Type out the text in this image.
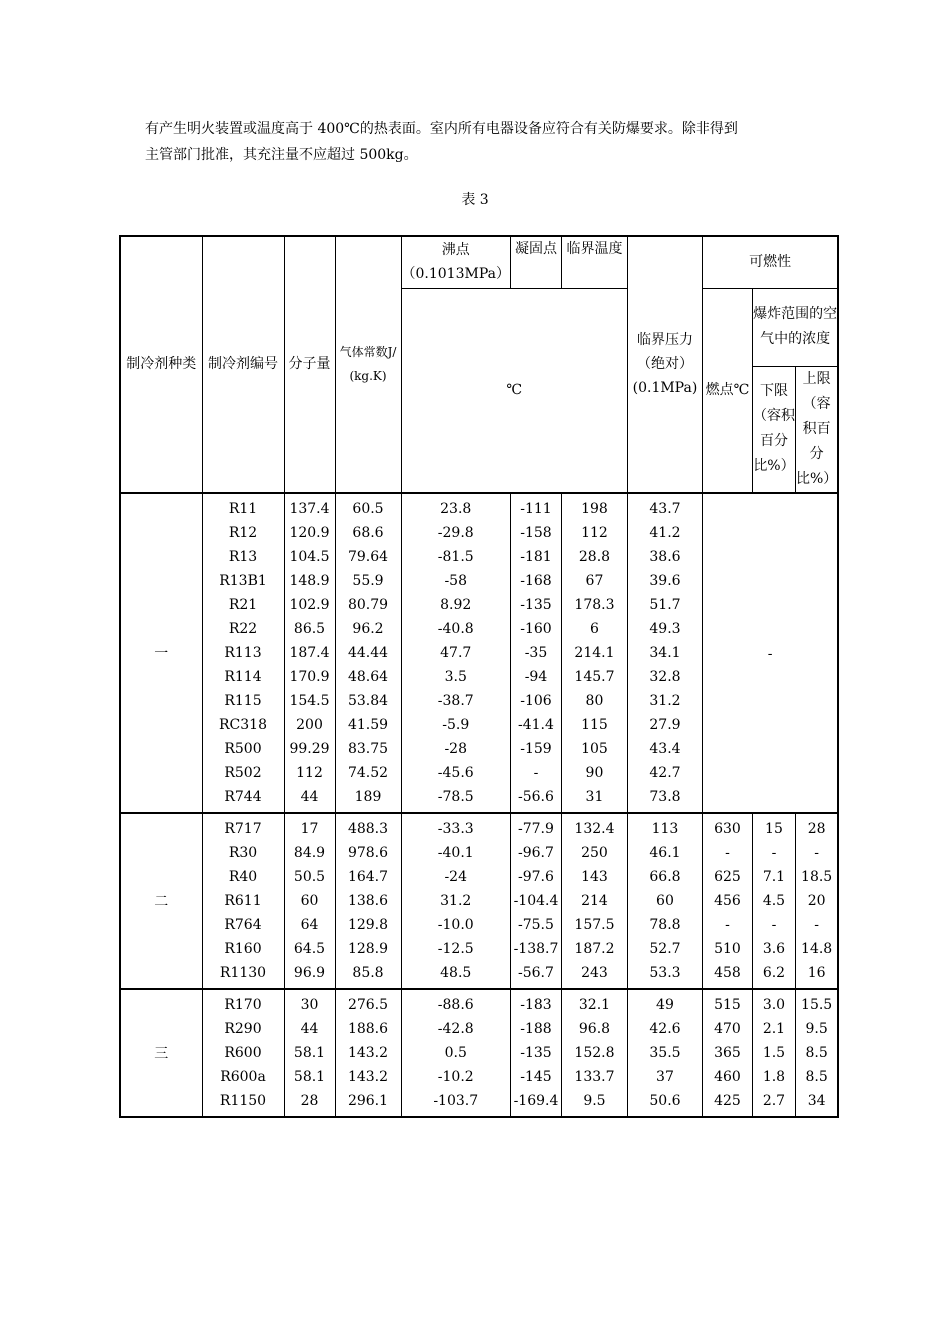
有产生明火装置或温度高于 400℃的热表面。室内所有电器设备应符合有关防爆要求。除非得到
主管部门批准，其充注量不应超过 500kg。

表 3

制冷剂种类	制冷剂编号	分子量	气体常数J/(kg.K)	沸点
（0.1013MPa）	凝固点	临界温度	临界压力（绝对）(0.1MPa)	可燃性		
				℃				燃点℃	爆炸范围的空气中的浓度	
									下限（容积百分比%）	上限（容积百分比%）
一	R11	137.4	60.5	23.8	-111	198	43.7	-		
	R12	120.9	68.6	-29.8	-158	112	41.2			
	R13	104.5	79.64	-81.5	-181	28.8	38.6			
	R13B1	148.9	55.9	-58	-168	67	39.6			
	R21	102.9	80.79	8.92	-135	178.3	51.7			
	R22	86.5	96.2	-40.8	-160	6	49.3			
	R113	187.4	44.44	47.7	-35	214.1	34.1			
	R114	170.9	48.64	3.5	-94	145.7	32.8			
	R115	154.5	53.84	-38.7	-106	80	31.2			
	RC318	200	41.59	-5.9	-41.4	115	27.9			
	R500	99.29	83.75	-28	-159	105	43.4			
	R502	112	74.52	-45.6	-	90	42.7			
	R744	44	189	-78.5	-56.6	31	73.8			
二	R717	17	488.3	-33.3	-77.9	132.4	113	630	15	28
	R30	84.9	978.6	-40.1	-96.7	250	46.1	-	-	-
	R40	50.5	164.7	-24	-97.6	143	66.8	625	7.1	18.5
	R611	60	138.6	31.2	-104.4	214	60	456	4.5	20
	R764	64	129.8	-10.0	-75.5	157.5	78.8	-	-	-
	R160	64.5	128.9	-12.5	-138.7	187.2	52.7	510	3.6	14.8
	R1130	96.9	85.8	48.5	-56.7	243	53.3	458	6.2	16
三	R170	30	276.5	-88.6	-183	32.1	49	515	3.0	15.5
	R290	44	188.6	-42.8	-188	96.8	42.6	470	2.1	9.5
	R600	58.1	143.2	0.5	-135	152.8	35.5	365	1.5	8.5
	R600a	58.1	143.2	-10.2	-145	133.7	37	460	1.8	8.5
	R1150	28	296.1	-103.7	-169.4	9.5	50.6	425	2.7	34
